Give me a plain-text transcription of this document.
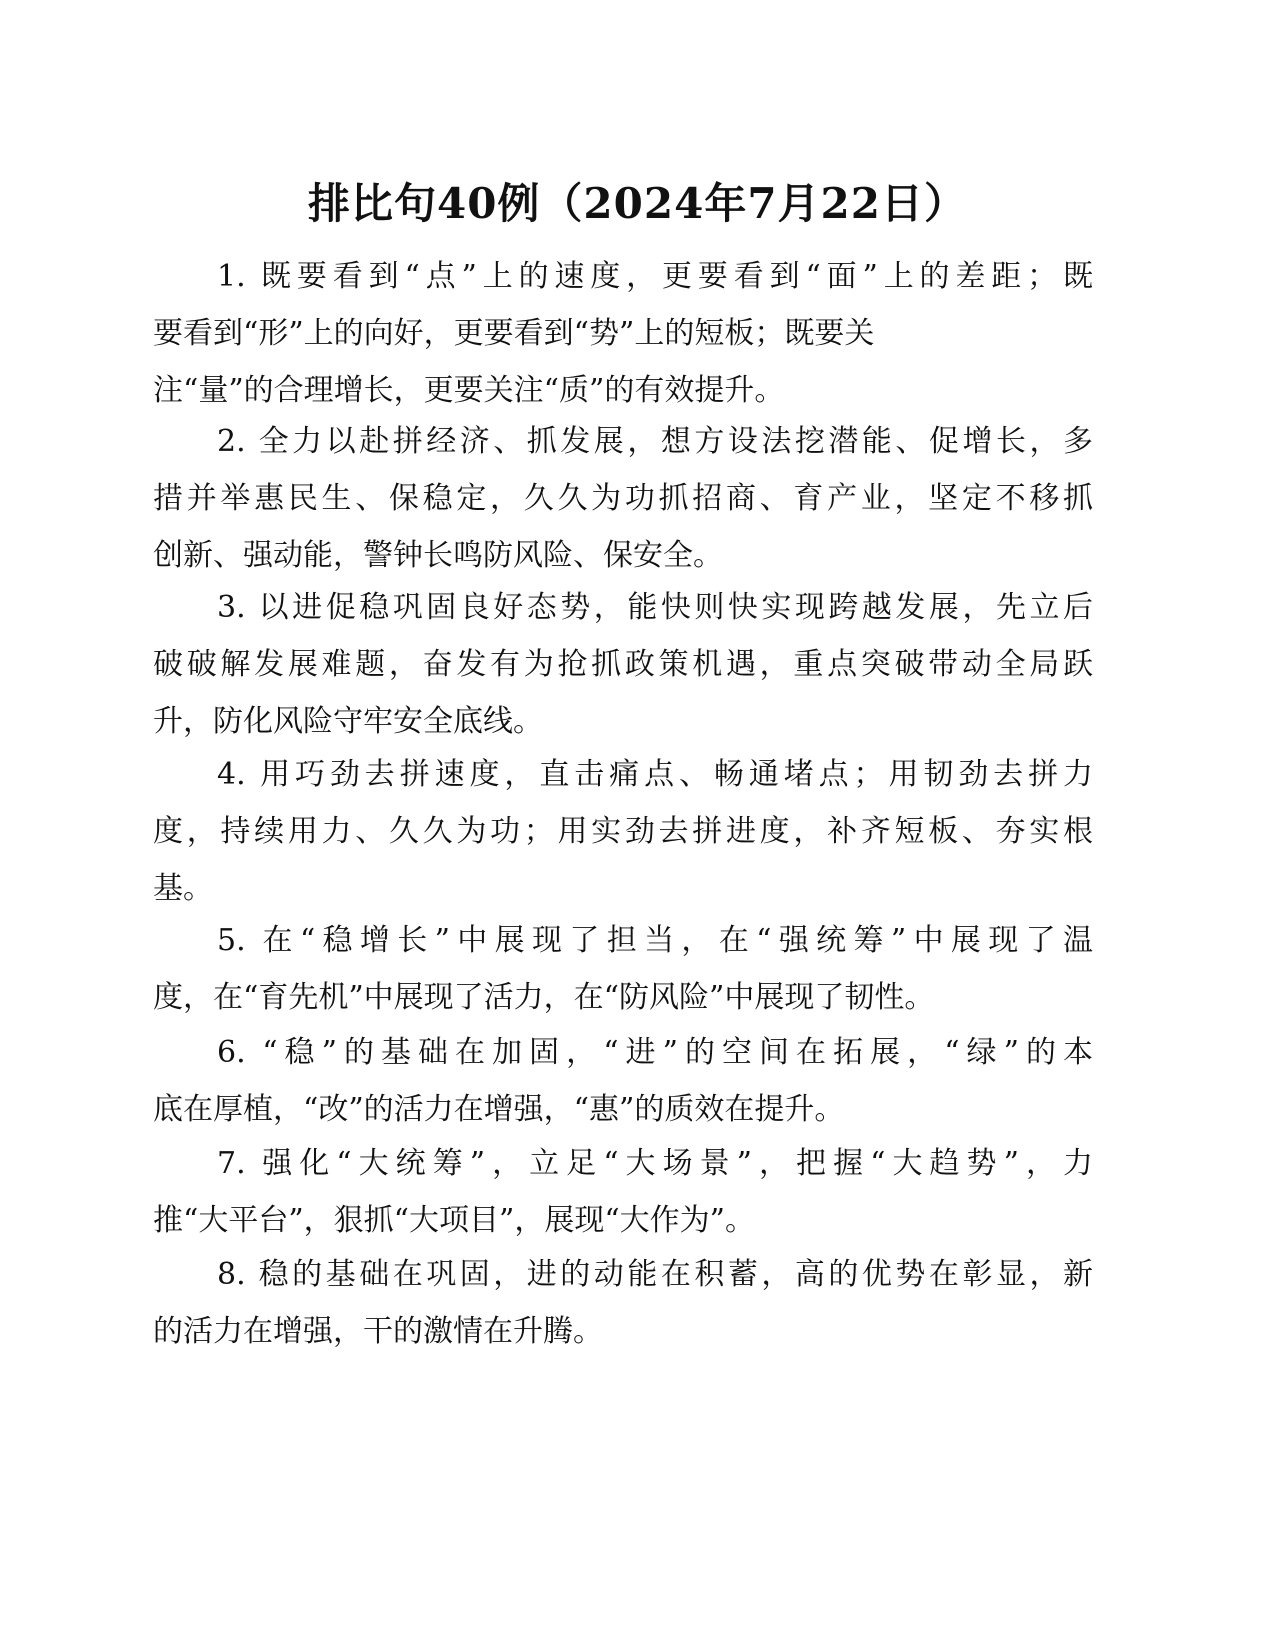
排比句40例（2024年7月22日）
1. 既要看到“点”上的速度，更要看到“面”上的差距；既
要看到“形”上的向好，更要看到“势”上的短板；既要关
注“量”的合理增长，更要关注“质”的有效提升。
2. 全力以赴拼经济、抓发展，想方设法挖潜能、促增长，多
措并举惠民生、保稳定，久久为功抓招商、育产业，坚定不移抓
创新、强动能，警钟长鸣防风险、保安全。
3. 以进促稳巩固良好态势，能快则快实现跨越发展，先立后
破破解发展难题，奋发有为抢抓政策机遇，重点突破带动全局跃
升，防化风险守牢安全底线。
4. 用巧劲去拼速度，直击痛点、畅通堵点；用韧劲去拼力
度，持续用力、久久为功；用实劲去拼进度，补齐短板、夯实根
基。
5. 在“稳增长”中展现了担当，在“强统筹”中展现了温
度，在“育先机”中展现了活力，在“防风险”中展现了韧性。
6. “稳”的基础在加固，“进”的空间在拓展，“绿”的本
底在厚植，“改”的活力在增强，“惠”的质效在提升。
7. 强化“大统筹”，立足“大场景”，把握“大趋势”，力
推“大平台”，狠抓“大项目”，展现“大作为”。
8. 稳的基础在巩固，进的动能在积蓄，高的优势在彰显，新
的活力在增强，干的激情在升腾。
